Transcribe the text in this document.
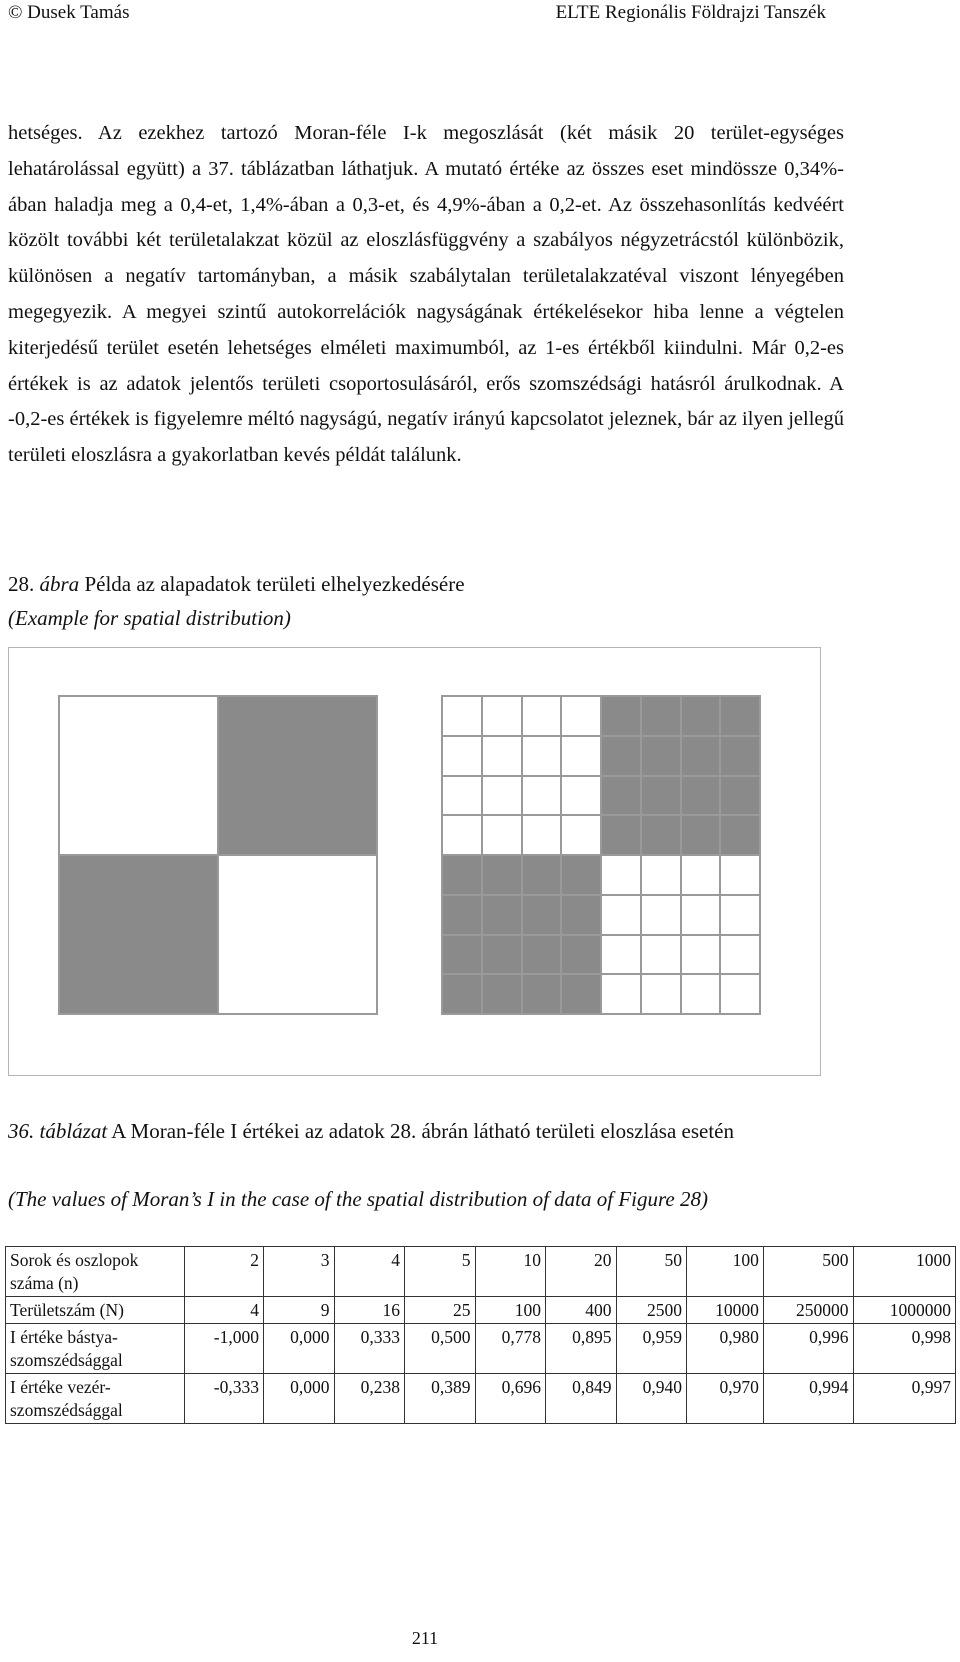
© Dusek Tamás	ELTE Regionális Földrajzi Tanszék

hetséges. Az ezekhez tartozó Moran-féle I-k megoszlását (két másik 20 terület-egységes lehatárolással együtt) a 37. táblázatban láthatjuk. A mutató értéke az összes eset mindössze 0,34%-ában haladja meg a 0,4-et, 1,4%-ában a 0,3-et, és 4,9%-ában a 0,2-et. Az összehasonlítás kedvéért közölt további két területalakzat közül az eloszlásfüggvény a szabályos négyzetrácstól különbözik, különösen a negatív tartományban, a másik szabálytalan területalakzatéval viszont lényegében megegyezik. A megyei szintű autokorrelációk nagyságának értékelésekor hiba lenne a végtelen kiterjedésű terület esetén lehetséges elméleti maximumból, az 1-es értékből kiindulni. Már 0,2-es értékek is az adatok jelentős területi csoportosulásáról, erős szomszédsági hatásról árulkodnak. A -0,2-es értékek is figyelemre méltó nagyságú, negatív irányú kapcsolatot jeleznek, bár az ilyen jellegű területi eloszlásra a gyakorlatban kevés példát találunk.

28. ábra Példa az alapadatok területi elhelyezkedésére

(Example for spatial distribution)

36. táblázat A Moran-féle I értékei az adatok 28. ábrán látható területi eloszlása esetén

(The values of Moran’s I in the case of the spatial distribution of data of Figure 28)

Sorok és oszlopok száma (n)	2	3	4	5	10	20	50	100	500	1000
Területszám (N)	4	9	16	25	100	400	2500	10000	250000	1000000
I értéke bástya-szomszédsággal	-1,000	0,000	0,333	0,500	0,778	0,895	0,959	0,980	0,996	0,998
I értéke vezér-szomszédsággal	-0,333	0,000	0,238	0,389	0,696	0,849	0,940	0,970	0,994	0,997
211
